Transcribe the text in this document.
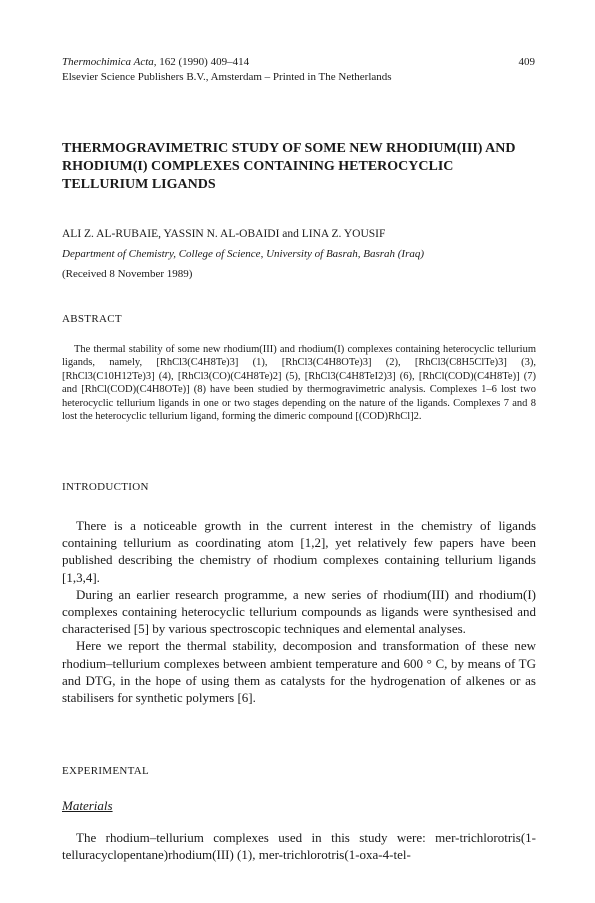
Thermochimica Acta, 162 (1990) 409–414	409
Elsevier Science Publishers B.V., Amsterdam – Printed in The Netherlands
THERMOGRAVIMETRIC STUDY OF SOME NEW RHODIUM(III) AND RHODIUM(I) COMPLEXES CONTAINING HETEROCYCLIC TELLURIUM LIGANDS
ALI Z. AL-RUBAIE, YASSIN N. AL-OBAIDI and LINA Z. YOUSIF
Department of Chemistry, College of Science, University of Basrah, Basrah (Iraq)
(Received 8 November 1989)
ABSTRACT

The thermal stability of some new rhodium(III) and rhodium(I) complexes containing heterocyclic tellurium ligands, namely, [RhCl3(C4H8Te)3] (1), [RhCl3(C4H8OTe)3] (2), [RhCl3(C8H5ClTe)3] (3), [RhCl3(C10H12Te)3] (4), [RhCl3(CO)(C4H8Te)2] (5), [RhCl3(C4H8TeI2)3] (6), [RhCl(COD)(C4H8Te)] (7) and [RhCl(COD)(C4H8OTe)] (8) have been studied by thermogravimetric analysis. Complexes 1–6 lost two heterocyclic tellurium ligands in one or two stages depending on the nature of the ligands. Complexes 7 and 8 lost the heterocyclic tellurium ligand, forming the dimeric compound [(COD)RhCl]2.

INTRODUCTION

There is a noticeable growth in the current interest in the chemistry of ligands containing tellurium as coordinating atom [1,2], yet relatively few papers have been published describing the chemistry of rhodium complexes containing tellurium ligands [1,3,4].

During an earlier research programme, a new series of rhodium(III) and rhodium(I) complexes containing heterocyclic tellurium compounds as ligands were synthesised and characterised [5] by various spectroscopic techniques and elemental analyses.

Here we report the thermal stability, decomposion and transformation of these new rhodium–tellurium complexes between ambient temperature and 600 ° C, by means of TG and DTG, in the hope of using them as catalysts for the hydrogenation of alkenes or as stabilisers for synthetic polymers [6].

EXPERIMENTAL
Materials

The rhodium–tellurium complexes used in this study were: mer-trichlorotris(1-telluracyclopentane)rhodium(III) (1), mer-trichlorotris(1-oxa-4-tel-
